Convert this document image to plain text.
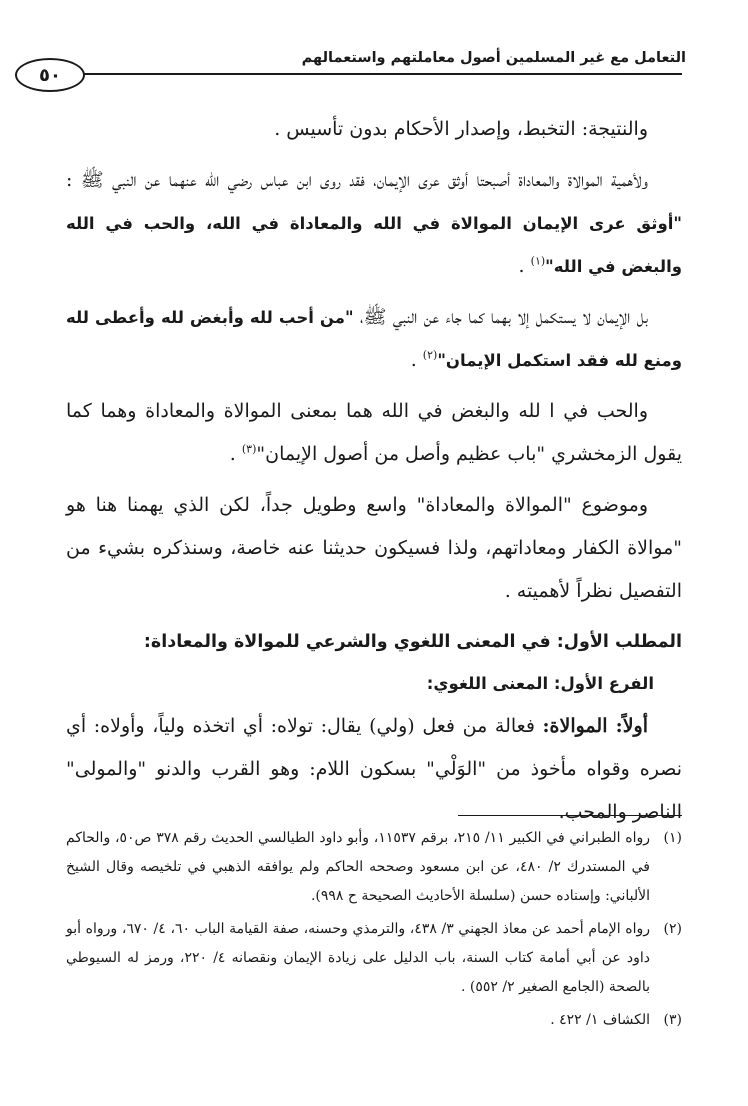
التعامل مع غير المسلمين أصول معاملتهم واستعمالهم
٥٠

والنتيجة: التخبط، وإصدار الأحكام بدون تأسيس .

ولأهمية الموالاة والمعاداة أصبحتا أوثق عرى الإيمان، فقد روى ابن عباس رضي الله عنهما عن النبي ﷺ : "أوثق عرى الإيمان الموالاة في الله والمعاداة في الله، والحب في الله والبغض في الله"$^{(١)}$ .

بل الإيمان لا يستكمل إلا بهما كما جاء عن النبي ﷺ، "من أحب لله وأبغض لله وأعطى لله ومنع لله فقد استكمل الإيمان"$^{(٢)}$ .

والحب في ا لله والبغض في الله هما بمعنى الموالاة والمعاداة وهما كما يقول الزمخشري "باب عظيم وأصل من أصول الإيمان"$^{(٣)}$ .

وموضوع "الموالاة والمعاداة" واسع وطويل جداً، لكن الذي يهمنا هنا هو "موالاة الكفار ومعاداتهم، ولذا فسيكون حديثنا عنه خاصة، وسنذكره بشيء من التفصيل نظراً لأهميته .

المطلب الأول: في المعنى اللغوي والشرعي للموالاة والمعاداة:
الفرع الأول: المعنى اللغوي:

أولاً: الموالاة: فعالة من فعل (ولي) يقال: تولاه: أي اتخذه ولياً، وأولاه: أي نصره وقواه مأخوذ من "الوَلْي" بسكون اللام: وهو القرب والدنو "والمولى" الناصر والمحب.

(١)
رواه الطبراني في الكبير ١١/ ٢١٥، برقم ١١٥٣٧، وأبو داود الطيالسي الحديث رقم ٣٧٨ ص٥٠، والحاكم في المستدرك ٢/ ٤٨٠، عن ابن مسعود وصححه الحاكم ولم يوافقه الذهبي في تلخيصه وقال الشيخ الألباني: وإسناده حسن (سلسلة الأحاديث الصحيحة ح ٩٩٨).
(٢)
رواه الإمام أحمد عن معاذ الجهني ٣/ ٤٣٨، والترمذي وحسنه، صفة القيامة الباب ٦٠، ٤/ ٦٧٠، ورواه أبو داود عن أبي أمامة كتاب السنة، باب الدليل على زيادة الإيمان ونقصانه ٤/ ٢٢٠، ورمز له السيوطي بالصحة (الجامع الصغير ٢/ ٥٥٢) .
(٣)
الكشاف ١/ ٤٢٢ .
